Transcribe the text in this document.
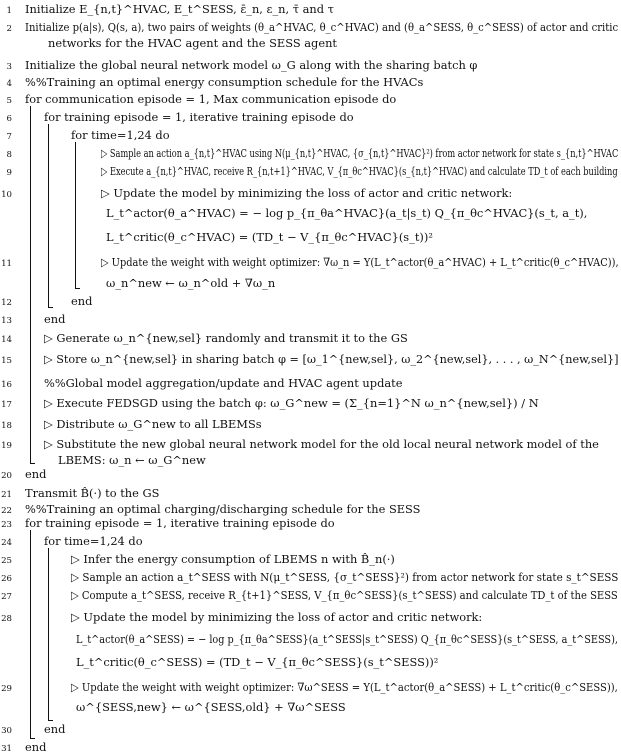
1 Initialize E_{n,t}^HVAC, E_t^SESS, ε̄_n, ε_n, τ̄ and τ
2 Initialize p(a|s), Q(s, a), two pairs of weights (θ_a^HVAC, θ_c^HVAC) and (θ_a^SESS, θ_c^SESS) of actor and critic
networks for the HVAC agent and the SESS agent
3 Initialize the global neural network model ω_G along with the sharing batch φ
4 %%Training an optimal energy consumption schedule for the HVACs
5 for communication episode = 1, Max communication episode do
6	for training episode = 1, iterative training episode do
7	for time=1,24 do
8	▷ Sample an action a_{n,t}^HVAC using N(μ_{n,t}^HVAC, {σ_{n,t}^HVAC}²) from actor network for state s_{n,t}^HVAC
9	▷ Execute a_{n,t}^HVAC, receive R_{n,t+1}^HVAC, V_{π_θc^HVAC}(s_{n,t}^HVAC) and calculate TD_t of each building
10	▷ Update the model by minimizing the loss of actor and critic network:
L_t^actor(θ_a^HVAC) = − log p_{π_θa^HVAC}(a_t|s_t) Q_{π_θc^HVAC}(s_t, a_t),
L_t^critic(θ_c^HVAC) = (TD_t − V_{π_θc^HVAC}(s_t))²
11	▷ Update the weight with weight optimizer: ∇ω_n = Υ(L_t^actor(θ_a^HVAC) + L_t^critic(θ_c^HVAC)),
ω_n^new ← ω_n^old + ∇ω_n
12	end
13	end
14	▷ Generate ω_n^{new,sel} randomly and transmit it to the GS
15	▷ Store ω_n^{new,sel} in sharing batch φ = [ω_1^{new,sel}, ω_2^{new,sel}, . . . , ω_N^{new,sel}]
16	%%Global model aggregation/update and HVAC agent update
17	▷ Execute FEDSGD using the batch φ: ω_G^new = (Σ_{n=1}^N ω_n^{new,sel}) / N
18	▷ Distribute ω_G^new to all LBEMSs
19	▷ Substitute the new global neural network model for the old local neural network model of the
LBEMS: ω_n ← ω_G^new
20 end
21 Transmit B̂(·) to the GS
22 %%Training an optimal charging/discharging schedule for the SESS
23 for training episode = 1, iterative training episode do
24	for time=1,24 do
25	▷ Infer the energy consumption of LBEMS n with B̂_n(·)
26	▷ Sample an action a_t^SESS with N(μ_t^SESS, {σ_t^SESS}²) from actor network for state s_t^SESS
27	▷ Compute a_t^SESS, receive R_{t+1}^SESS, V_{π_θc^SESS}(s_t^SESS) and calculate TD_t of the SESS
28	▷ Update the model by minimizing the loss of actor and critic network:
L_t^actor(θ_a^SESS) = − log p_{π_θa^SESS}(a_t^SESS|s_t^SESS) Q_{π_θc^SESS}(s_t^SESS, a_t^SESS),
L_t^critic(θ_c^SESS) = (TD_t − V_{π_θc^SESS}(s_t^SESS))²
29	▷ Update the weight with weight optimizer: ∇ω^SESS = Υ(L_t^actor(θ_a^SESS) + L_t^critic(θ_c^SESS)),
ω^{SESS,new} ← ω^{SESS,old} + ∇ω^SESS
30	end
31 end
